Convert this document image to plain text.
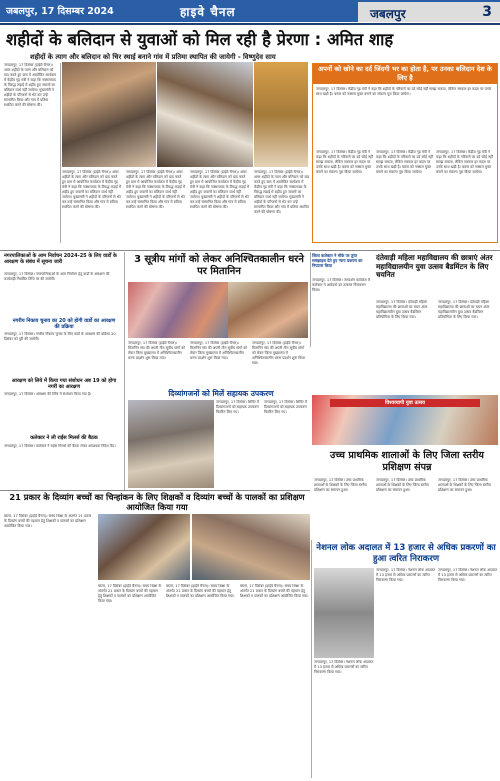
जबलपुर, 17 दिसम्बर 2024	हाइवे चैनल	जबलपुर	3
शहीदों के बलिदान से युवाओं को मिल रही है प्रेरणा : अमित शाह
शहीदों के त्याग और बलिदान को चिर स्थाई बनाने गांव में प्रतिमा स्थापित की जायेगी - विष्णुदेव साय
जगदलपुर, 17 दिसंबर (हाईवे चैनल)। अमर शहीदों के त्याग और बलिदान को याद करते हुए ग्राम में आयोजित कार्यक्रम में केंद्रीय गृह मंत्री ने कहा कि नक्सलवाद के विरुद्ध लड़ाई में शहीद हुए जवानों का बलिदान व्यर्थ नहीं जायेगा। मुख्यमंत्री ने शहीदों के परिजनों से भेंट कर उन्हें सम्मानित किया और गांव में प्रतिमा स्थापित करने की घोषणा की।
जगदलपुर, 17 दिसंबर (हाईवे चैनल)। अमर शहीदों के त्याग और बलिदान को याद करते हुए ग्राम में आयोजित कार्यक्रम में केंद्रीय गृह मंत्री ने कहा कि नक्सलवाद के विरुद्ध लड़ाई में शहीद हुए जवानों का बलिदान व्यर्थ नहीं जायेगा। मुख्यमंत्री ने शहीदों के परिजनों से भेंट कर उन्हें सम्मानित किया और गांव में प्रतिमा स्थापित करने की घोषणा की।
जगदलपुर, 17 दिसंबर (हाईवे चैनल)। अमर शहीदों के त्याग और बलिदान को याद करते हुए ग्राम में आयोजित कार्यक्रम में केंद्रीय गृह मंत्री ने कहा कि नक्सलवाद के विरुद्ध लड़ाई में शहीद हुए जवानों का बलिदान व्यर्थ नहीं जायेगा। मुख्यमंत्री ने शहीदों के परिजनों से भेंट कर उन्हें सम्मानित किया और गांव में प्रतिमा स्थापित करने की घोषणा की।
जगदलपुर, 17 दिसंबर (हाईवे चैनल)। अमर शहीदों के त्याग और बलिदान को याद करते हुए ग्राम में आयोजित कार्यक्रम में केंद्रीय गृह मंत्री ने कहा कि नक्सलवाद के विरुद्ध लड़ाई में शहीद हुए जवानों का बलिदान व्यर्थ नहीं जायेगा। मुख्यमंत्री ने शहीदों के परिजनों से भेंट कर उन्हें सम्मानित किया और गांव में प्रतिमा स्थापित करने की घोषणा की।
जगदलपुर, 17 दिसंबर (हाईवे चैनल)। अमर शहीदों के त्याग और बलिदान को याद करते हुए ग्राम में आयोजित कार्यक्रम में केंद्रीय गृह मंत्री ने कहा कि नक्सलवाद के विरुद्ध लड़ाई में शहीद हुए जवानों का बलिदान व्यर्थ नहीं जायेगा। मुख्यमंत्री ने शहीदों के परिजनों से भेंट कर उन्हें सम्मानित किया और गांव में प्रतिमा स्थापित करने की घोषणा की।
अपनों को खोने का दर्द जिंदगी भर का होता है, पर उनका बलिदान देश के लिए है
जगदलपुर, 17 दिसंबर। केंद्रीय गृह मंत्री ने कहा कि शहीदों के परिवारों का दर्द कोई नहीं समझ सकता, लेकिन सरकार हर कदम पर उनके साथ खड़ी है। बस्तर को नक्सल मुक्त बनाने का संकल्प पूरा किया जायेगा।
जगदलपुर, 17 दिसंबर। केंद्रीय गृह मंत्री ने कहा कि शहीदों के परिवारों का दर्द कोई नहीं समझ सकता, लेकिन सरकार हर कदम पर उनके साथ खड़ी है। बस्तर को नक्सल मुक्त बनाने का संकल्प पूरा किया जायेगा।
जगदलपुर, 17 दिसंबर। केंद्रीय गृह मंत्री ने कहा कि शहीदों के परिवारों का दर्द कोई नहीं समझ सकता, लेकिन सरकार हर कदम पर उनके साथ खड़ी है। बस्तर को नक्सल मुक्त बनाने का संकल्प पूरा किया जायेगा।
जगदलपुर, 17 दिसंबर। केंद्रीय गृह मंत्री ने कहा कि शहीदों के परिवारों का दर्द कोई नहीं समझ सकता, लेकिन सरकार हर कदम पर उनके साथ खड़ी है। बस्तर को नक्सल मुक्त बनाने का संकल्प पूरा किया जायेगा।
नगरपालिकाओं के आम निर्वाचन 2024-25 के लिए वार्डों के आरक्षण के संबंध में सूचना जारी
जगदलपुर, 17 दिसंबर। नगरपालिकाओं के आम निर्वाचन हेतु वार्डों के आरक्षण की कार्यवाही निर्धारित तिथि पर की जायेगी।
नगरीय निकाय चुनाव का 20 को होगी वार्डो का आरक्षण की प्रक्रिया
जगदलपुर, 17 दिसंबर। नगरीय निकाय चुनाव के लिए वार्डों के आरक्षण की प्रक्रिया 20 दिसंबर को पूरी की जायेगी।
आरक्षण को लिये में किया गया संशोधन अब 19 को होगा नगरीं का आरक्षण
जगदलपुर, 17 दिसंबर। आरक्षण की तिथि में संशोधन किया गया है।
कलेक्टर ने ली राईस मिलर्स की बैठक
जगदलपुर, 17 दिसंबर। कलेक्टर ने राईस मिलर्स की बैठक लेकर आवश्यक निर्देश दिए।
3 सूत्रीय मांगों को लेकर अनिश्चितकालीन धरने पर मितानिन
जगदलपुर, 17 दिसंबर (हाईवे चैनल)। मितानिन संघ की अपनी तीन सूत्रीय मांगों को लेकर जिला मुख्यालय में अनिश्चितकालीन धरना प्रदर्शन शुरू किया गया।
जगदलपुर, 17 दिसंबर (हाईवे चैनल)। मितानिन संघ की अपनी तीन सूत्रीय मांगों को लेकर जिला मुख्यालय में अनिश्चितकालीन धरना प्रदर्शन शुरू किया गया।
जगदलपुर, 17 दिसंबर (हाईवे चैनल)। मितानिन संघ की अपनी तीन सूत्रीय मांगों को लेकर जिला मुख्यालय में अनिश्चितकालीन धरना प्रदर्शन शुरू किया गया।
दिव्यांगजनों को मिलें सहायक उपकरण
जगदलपुर, 17 दिसंबर। शिविर में दिव्यांगजनों को सहायक उपकरण वितरित किए गए।
जगदलपुर, 17 दिसंबर। शिविर में दिव्यांगजनों को सहायक उपकरण वितरित किए गए।
जिला कलेक्टर ने मौके पर तुरंत समझाइश देते हुए न्याय प्रकरण का निपटारा किया
जगदलपुर, 17 दिसंबर। जनदर्शन कार्यक्रम में कलेक्टर ने आवेदनों का तत्काल निराकरण किया।
दंतेवाड़ी महिला महाविद्यालय की छात्राएं अंतर महाविद्यालयीन युवा उत्सव बैडमिंटन के लिए चयनित
जगदलपुर, 17 दिसंबर। दंतेवाड़ी महिला महाविद्यालय की छात्राओं का चयन अंतर महाविद्यालयीन युवा उत्सव बैडमिंटन प्रतियोगिता के लिए किया गया।
जगदलपुर, 17 दिसंबर। दंतेवाड़ी महिला महाविद्यालय की छात्राओं का चयन अंतर महाविद्यालयीन युवा उत्सव बैडमिंटन प्रतियोगिता के लिए किया गया।
विश्वव्यापी युवा उत्सव
उच्च प्राथमिक शालाओं के लिए जिला स्तरीय प्रशिक्षण संपन्न
जगदलपुर, 17 दिसंबर। उच्च प्राथमिक शालाओं के शिक्षकों के लिए जिला स्तरीय प्रशिक्षण का समापन हुआ।
जगदलपुर, 17 दिसंबर। उच्च प्राथमिक शालाओं के शिक्षकों के लिए जिला स्तरीय प्रशिक्षण का समापन हुआ।
जगदलपुर, 17 दिसंबर। उच्च प्राथमिक शालाओं के शिक्षकों के लिए जिला स्तरीय प्रशिक्षण का समापन हुआ।
21 प्रकार के दिव्यांग बच्चों का चिन्हांकन के लिए शिक्षकों व दिव्यांग बच्चों के पालकों का प्रशिक्षण आयोजित किया गया
बस्तर, 17 दिसंबर (हाईवे चैनल)। समग्र शिक्षा के अंतर्गत 21 प्रकार के दिव्यांग बच्चों की पहचान हेतु शिक्षकों व पालकों का प्रशिक्षण आयोजित किया गया।
बस्तर, 17 दिसंबर (हाईवे चैनल)। समग्र शिक्षा के अंतर्गत 21 प्रकार के दिव्यांग बच्चों की पहचान हेतु शिक्षकों व पालकों का प्रशिक्षण आयोजित किया गया।
बस्तर, 17 दिसंबर (हाईवे चैनल)। समग्र शिक्षा के अंतर्गत 21 प्रकार के दिव्यांग बच्चों की पहचान हेतु शिक्षकों व पालकों का प्रशिक्षण आयोजित किया गया।
बस्तर, 17 दिसंबर (हाईवे चैनल)। समग्र शिक्षा के अंतर्गत 21 प्रकार के दिव्यांग बच्चों की पहचान हेतु शिक्षकों व पालकों का प्रशिक्षण आयोजित किया गया।
नेशनल लोक अदालत में 13 हजार से अधिक प्रकरणों का हुआ त्वरित निराकरण
जगदलपुर, 17 दिसंबर। नेशनल लोक अदालत में 13 हजार से अधिक प्रकरणों का त्वरित निराकरण किया गया।
जगदलपुर, 17 दिसंबर। नेशनल लोक अदालत में 13 हजार से अधिक प्रकरणों का त्वरित निराकरण किया गया।
जगदलपुर, 17 दिसंबर। नेशनल लोक अदालत में 13 हजार से अधिक प्रकरणों का त्वरित निराकरण किया गया।
